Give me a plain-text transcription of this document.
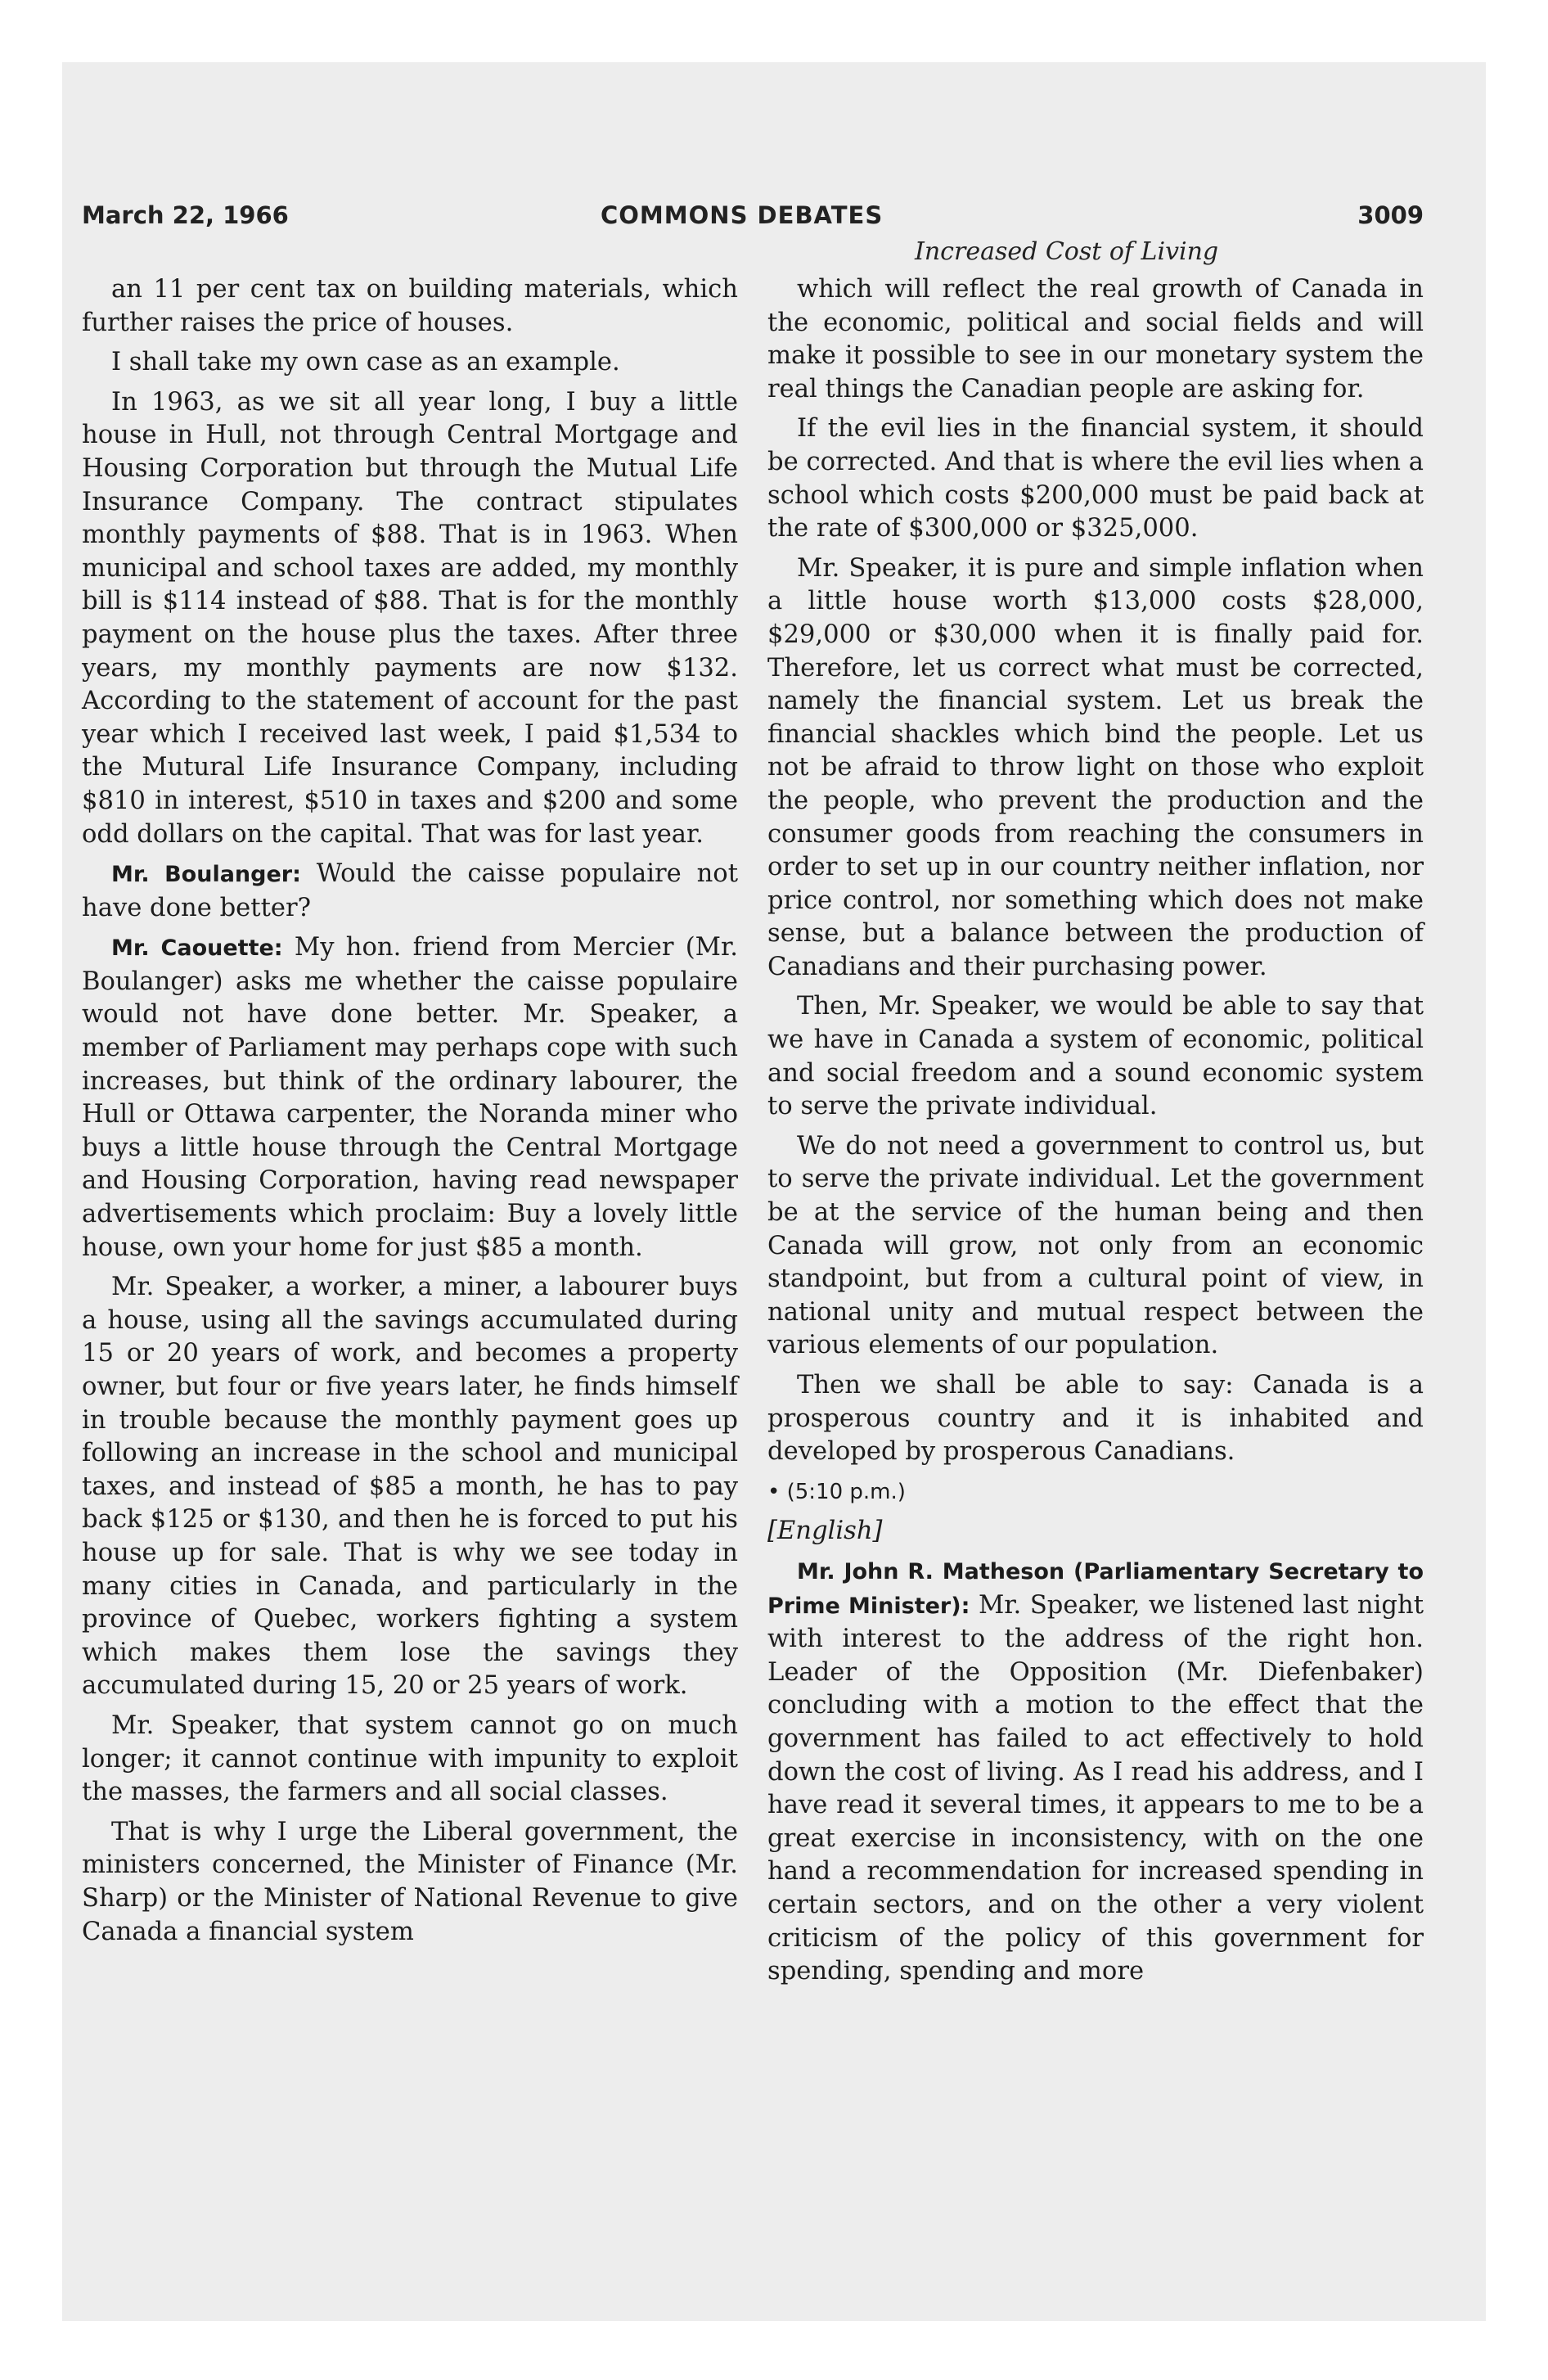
March 22, 1966	COMMONS DEBATES	3009
Increased Cost of Living

an 11 per cent tax on building materials, which further raises the price of houses.

I shall take my own case as an example.

In 1963, as we sit all year long, I buy a little house in Hull, not through Central Mortgage and Housing Corporation but through the Mutual Life Insurance Company. The contract stipulates monthly payments of $88. That is in 1963. When municipal and school taxes are added, my monthly bill is $114 instead of $88. That is for the monthly payment on the house plus the taxes. After three years, my monthly payments are now $132. According to the statement of account for the past year which I received last week, I paid $1,534 to the Mutural Life Insurance Company, including $810 in interest, $510 in taxes and $200 and some odd dollars on the capital. That was for last year.

Mr. Boulanger: Would the caisse populaire not have done better?

Mr. Caouette: My hon. friend from Mercier (Mr. Boulanger) asks me whether the caisse populaire would not have done better. Mr. Speaker, a member of Parliament may perhaps cope with such increases, but think of the ordinary labourer, the Hull or Ottawa carpenter, the Noranda miner who buys a little house through the Central Mortgage and Housing Corporation, having read newspaper advertisements which proclaim: Buy a lovely little house, own your home for just $85 a month.

Mr. Speaker, a worker, a miner, a labourer buys a house, using all the savings accumulated during 15 or 20 years of work, and becomes a property owner, but four or five years later, he finds himself in trouble because the monthly payment goes up following an increase in the school and municipal taxes, and instead of $85 a month, he has to pay back $125 or $130, and then he is forced to put his house up for sale. That is why we see today in many cities in Canada, and particularly in the province of Quebec, workers fighting a system which makes them lose the savings they accumulated during 15, 20 or 25 years of work.

Mr. Speaker, that system cannot go on much longer; it cannot continue with impunity to exploit the masses, the farmers and all social classes.

That is why I urge the Liberal government, the ministers concerned, the Minister of Finance (Mr. Sharp) or the Minister of National Revenue to give Canada a financial system

which will reflect the real growth of Canada in the economic, political and social fields and will make it possible to see in our monetary system the real things the Canadian people are asking for.

If the evil lies in the financial system, it should be corrected. And that is where the evil lies when a school which costs $200,000 must be paid back at the rate of $300,000 or $325,000.

Mr. Speaker, it is pure and simple inflation when a little house worth $13,000 costs $28,000, $29,000 or $30,000 when it is finally paid for. Therefore, let us correct what must be corrected, namely the financial system. Let us break the financial shackles which bind the people. Let us not be afraid to throw light on those who exploit the people, who prevent the production and the consumer goods from reaching the consumers in order to set up in our country neither inflation, nor price control, nor something which does not make sense, but a balance between the production of Canadians and their purchasing power.

Then, Mr. Speaker, we would be able to say that we have in Canada a system of economic, political and social freedom and a sound economic system to serve the private individual.

We do not need a government to control us, but to serve the private individual. Let the government be at the service of the human being and then Canada will grow, not only from an economic standpoint, but from a cultural point of view, in national unity and mutual respect between the various elements of our population.

Then we shall be able to say: Canada is a prosperous country and it is inhabited and developed by prosperous Canadians.

• (5:10 p.m.)

[English]

Mr. John R. Matheson (Parliamentary Secretary to Prime Minister): Mr. Speaker, we listened last night with interest to the address of the right hon. Leader of the Opposition (Mr. Diefenbaker) concluding with a motion to the effect that the government has failed to act effectively to hold down the cost of living. As I read his address, and I have read it several times, it appears to me to be a great exercise in inconsistency, with on the one hand a recommendation for increased spending in certain sectors, and on the other a very violent criticism of the policy of this government for spending, spending and more
